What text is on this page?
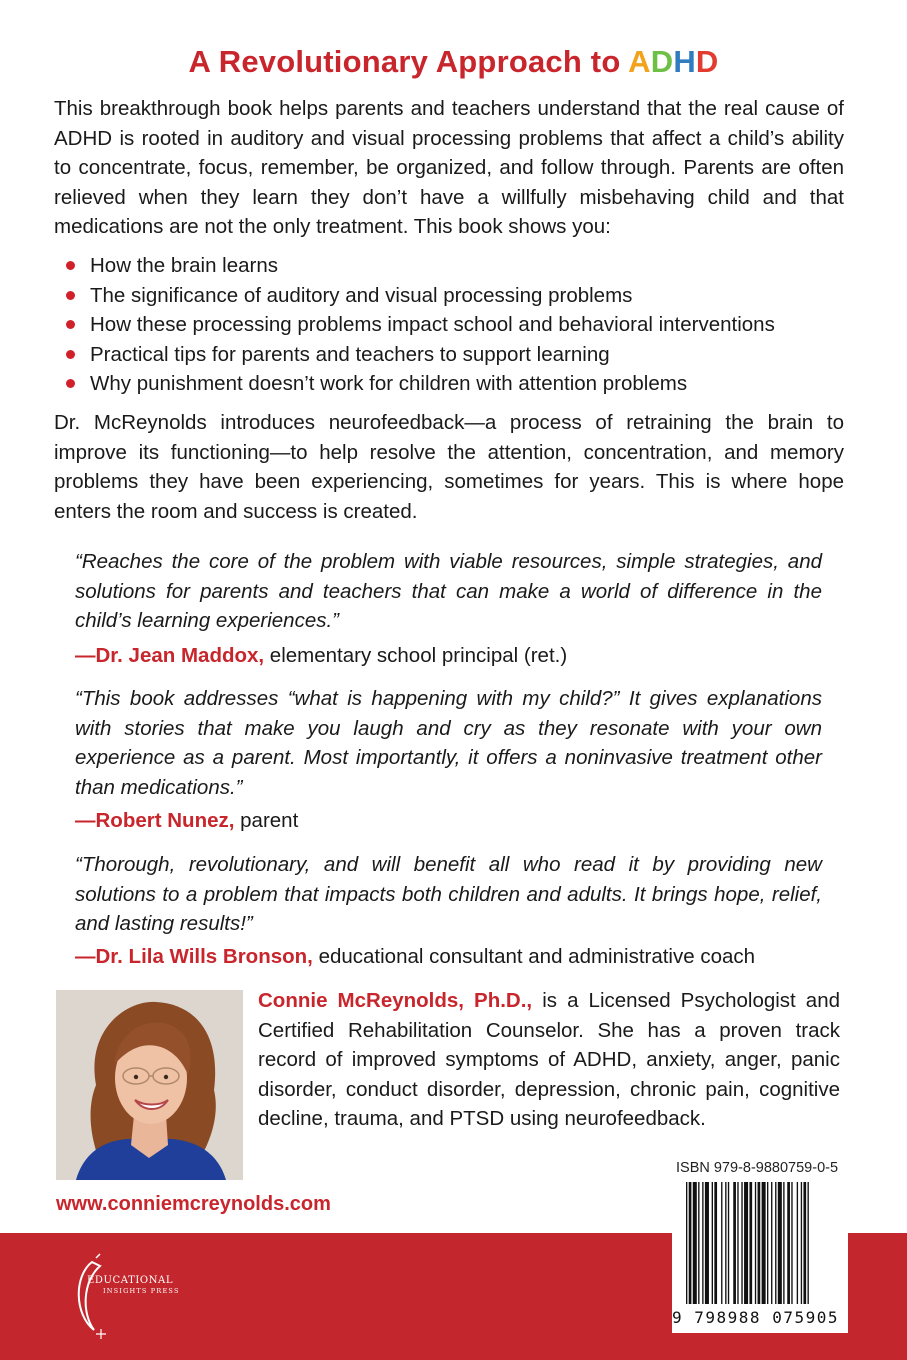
A Revolutionary Approach to ADHD
This breakthrough book helps parents and teachers understand that the real cause of ADHD is rooted in auditory and visual processing problems that affect a child’s ability to concentrate, focus, remember, be organized, and follow through. Parents are often relieved when they learn they don’t have a willfully misbehaving child and that medications are not the only treatment. This book shows you:
How the brain learns
The significance of auditory and visual processing problems
How these processing problems impact school and behavioral interventions
Practical tips for parents and teachers to support learning
Why punishment doesn’t work for children with attention problems
Dr. McReynolds introduces neurofeedback—a process of retraining the brain to improve its functioning—to help resolve the attention, concentration, and memory problems they have been experiencing, sometimes for years. This is where hope enters the room and success is created.
“Reaches the core of the problem with viable resources, simple strategies, and solutions for parents and teachers that can make a world of difference in the child’s learning experiences.”
—Dr. Jean Maddox, elementary school principal (ret.)
“This book addresses “what is happening with my child?” It gives explanations with stories that make you laugh and cry as they resonate with your own experience as a parent. Most importantly, it offers a noninvasive treatment other than medications.”
—Robert Nunez, parent
“Thorough, revolutionary, and will benefit all who read it by providing new solutions to a problem that impacts both children and adults. It brings hope, relief, and lasting results!”
—Dr. Lila Wills Bronson, educational consultant and administrative coach
Connie McReynolds, Ph.D., is a Licensed Psychologist and Certified Rehabilitation Counselor. She has a proven track record of improved symptoms of ADHD, anxiety, anger, panic disorder, conduct disorder, depression, chronic pain, cognitive decline, trauma, and PTSD using neurofeedback.
www.conniemcreynolds.com
ISBN 979-8-9880759-0-5
EDUCATIONAL
INSIGHTS PRESS
9 798988 075905
